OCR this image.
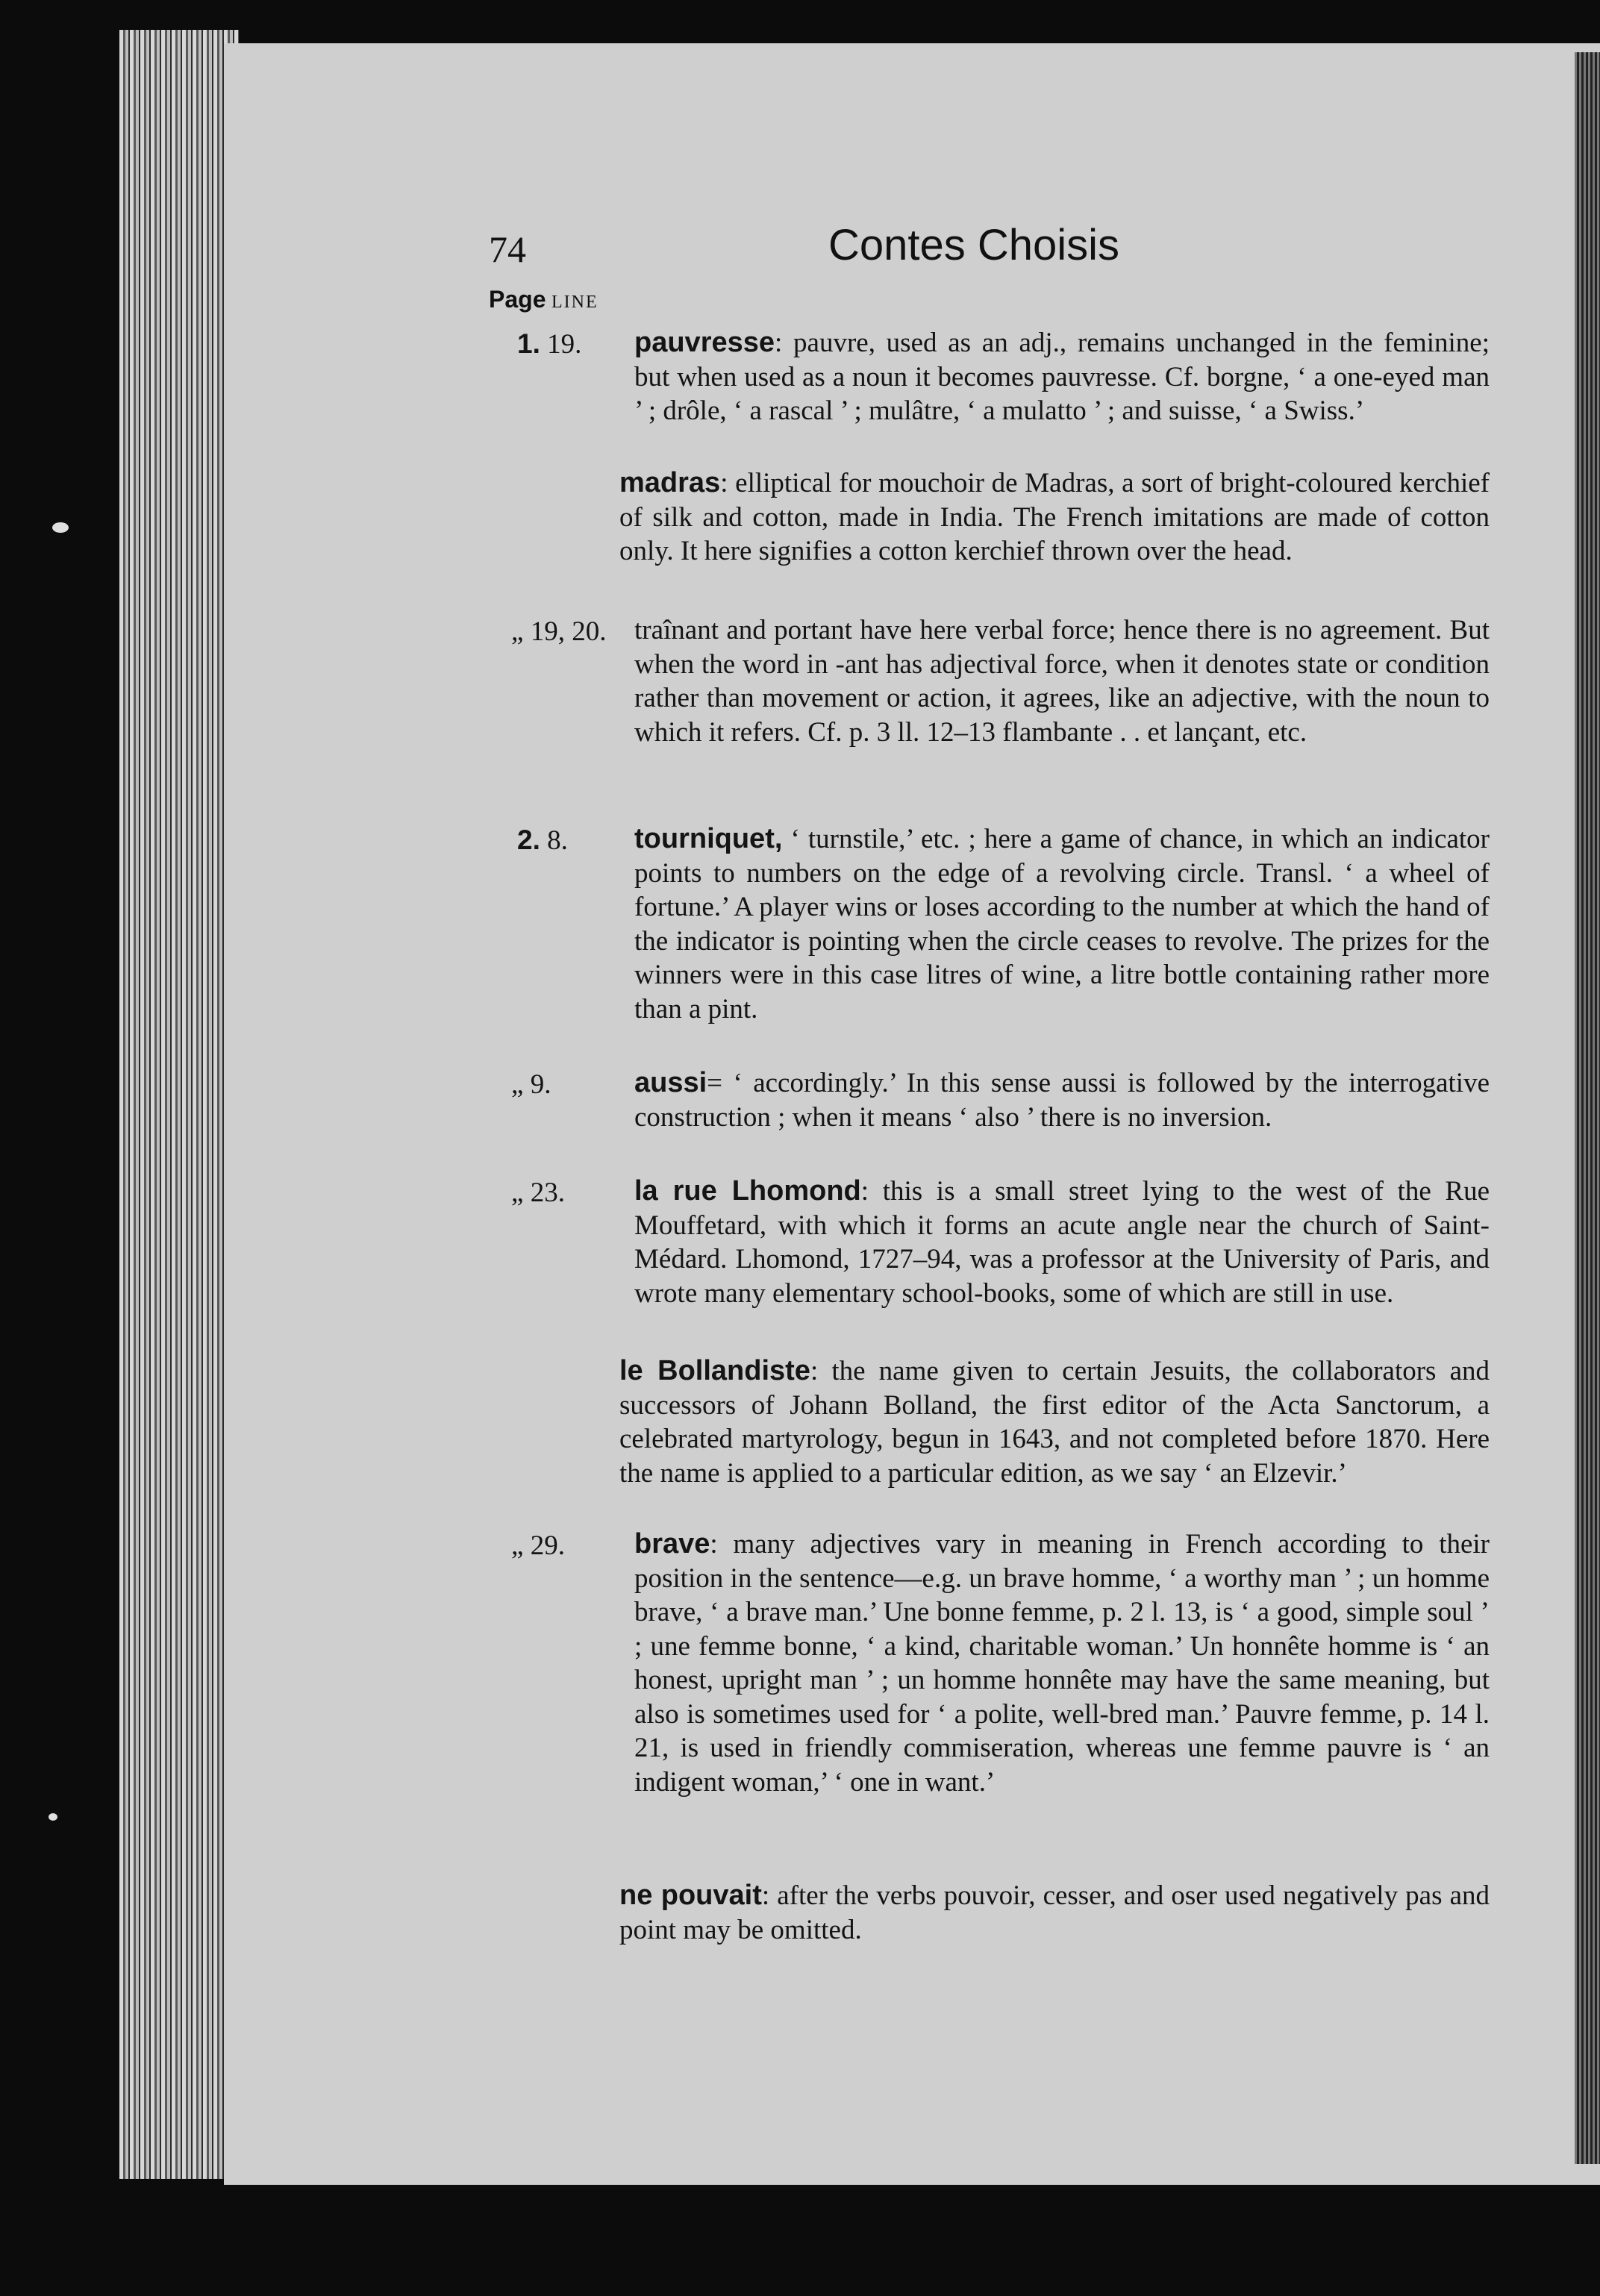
74	Contes Choisis
Page LINE
1. 19. pauvresse: pauvre, used as an adj., remains unchanged in the feminine; but when used as a noun it becomes pauvresse. Cf. borgne, ‘ a one-eyed man ’ ; drôle, ‘ a rascal ’ ; mulâtre, ‘ a mulatto ’ ; and suisse, ‘ a Swiss.’
madras: elliptical for mouchoir de Madras, a sort of bright-coloured kerchief of silk and cotton, made in India. The French imitations are made of cotton only. It here signifies a cotton kerchief thrown over the head.
„ 19, 20. traînant and portant have here verbal force; hence there is no agreement. But when the word in -ant has adjectival force, when it denotes state or condition rather than movement or action, it agrees, like an adjective, with the noun to which it refers. Cf. p. 3 ll. 12–13 flambante . . et lançant, etc.
2. 8. tourniquet, ‘ turnstile,’ etc. ; here a game of chance, in which an indicator points to numbers on the edge of a revolving circle. Transl. ‘ a wheel of fortune.’ A player wins or loses according to the number at which the hand of the indicator is pointing when the circle ceases to revolve. The prizes for the winners were in this case litres of wine, a litre bottle containing rather more than a pint.
„ 9.	aussi= ‘ accordingly.’ In this sense aussi is followed by the interrogative construction ; when it means ‘ also ’ there is no inversion.
„ 23. la rue Lhomond: this is a small street lying to the west of the Rue Mouffetard, with which it forms an acute angle near the church of Saint-Médard. Lhomond, 1727–94, was a professor at the University of Paris, and wrote many elementary school-books, some of which are still in use.
le Bollandiste: the name given to certain Jesuits, the collaborators and successors of Johann Bolland, the first editor of the Acta Sanctorum, a celebrated martyrology, begun in 1643, and not completed before 1870. Here the name is applied to a particular edition, as we say ‘ an Elzevir.’
„ 29. brave: many adjectives vary in meaning in French according to their position in the sentence—e.g. un brave homme, ‘ a worthy man ’ ; un homme brave, ‘ a brave man.’ Une bonne femme, p. 2 l. 13, is ‘ a good, simple soul ’ ; une femme bonne, ‘ a kind, charitable woman.’ Un honnête homme is ‘ an honest, upright man ’ ; un homme honnête may have the same meaning, but also is sometimes used for ‘ a polite, well-bred man.’ Pauvre femme, p. 14 l. 21, is used in friendly commiseration, whereas une femme pauvre is ‘ an indigent woman,’ ‘ one in want.’
ne pouvait: after the verbs pouvoir, cesser, and oser used negatively pas and point may be omitted.
